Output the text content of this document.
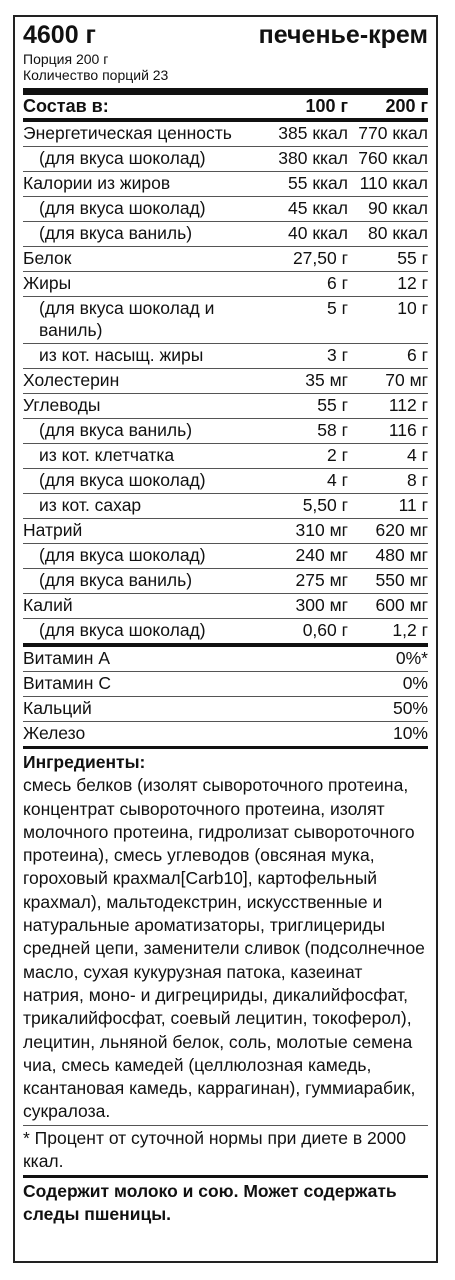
4600 г	печенье-крем
Порция 200 г
Количество порций 23
Состав в:	100 г	200 г
Энергетическая ценность	385 ккал 770 ккал
(для вкуса шоколад)	380 ккал 760 ккал
Калории из жиров	55 ккал 110 ккал
(для вкуса шоколад)	45 ккал	90 ккал
(для вкуса ваниль)	40 ккал	80 ккал
Белок	27,50 г	55 г
Жиры	6 г	12 г
(для вкуса шоколад и ваниль)
5 г	10 г
из кот. насыщ. жиры	3 г	6 г
Холестерин	35 мг	70 мг
Углеводы	55 г	112 г
(для вкуса ваниль)	58 г	116 г
из кот. клетчатка	2 г	4 г
(для вкуса шоколад)	4 г	8 г
из кот. сахар	5,50 г	11 г
Натрий	310 мг	620 мг
(для вкуса шоколад)	240 мг	480 мг
(для вкуса ваниль)	275 мг	550 мг
Калий	300 мг	600 мг
(для вкуса шоколад)	0,60 г	1,2 г
Витамин А	0%*
Витамин С	0%
Кальций	50%
Железо	10%
Ингредиенты:
смесь белков (изолят сывороточного протеина, концентрат сывороточного протеина, изолят молочного протеина, гидролизат сывороточного протеина), смесь углеводов (овсяная мука, гороховый крахмал[Carb10], картофельный крахмал), мальтодекстрин, искусственные и натуральные ароматизаторы, триглицериды средней цепи, заменители сливок (подсолнечное масло, сухая кукурузная патока, казеинат натрия, моно- и дигрецириды, дикалийфосфат, трикалийфосфат, соевый лецитин, токоферол), лецитин, льняной белок, соль, молотые семена чиа, смесь камедей (целлюлозная камедь, ксантановая камедь, каррагинан), гуммиарабик, сукралоза.
* Процент от суточной нормы при диете в 2000 ккал.
Содержит молоко и сою. Может содержать следы пшеницы.
